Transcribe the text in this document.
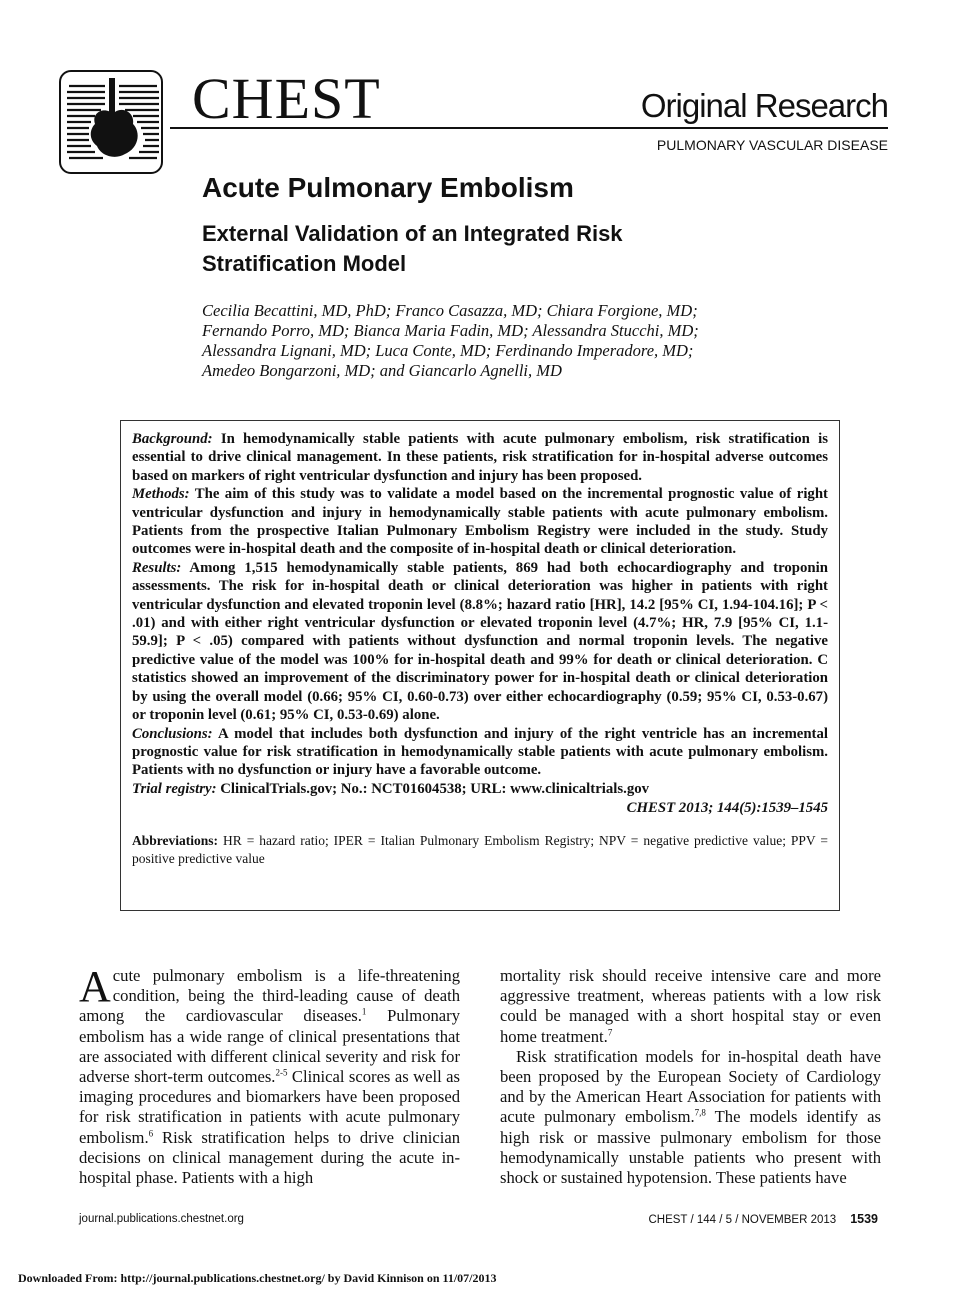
CHEST	Original Research
PULMONARY VASCULAR DISEASE
Acute Pulmonary Embolism
External Validation of an Integrated Risk Stratification Model
Cecilia Becattini, MD, PhD; Franco Casazza, MD; Chiara Forgione, MD;
Fernando Porro, MD; Bianca Maria Fadin, MD; Alessandra Stucchi, MD;
Alessandra Lignani, MD; Luca Conte, MD; Ferdinando Imperadore, MD;
Amedeo Bongarzoni, MD; and Giancarlo Agnelli, MD
Background: In hemodynamically stable patients with acute pulmonary embolism, risk stratification is essential to drive clinical management. In these patients, risk stratification for in-hospital adverse outcomes based on markers of right ventricular dysfunction and injury has been proposed.
Methods: The aim of this study was to validate a model based on the incremental prognostic value of right ventricular dysfunction and injury in hemodynamically stable patients with acute pulmonary embolism. Patients from the prospective Italian Pulmonary Embolism Registry were included in the study. Study outcomes were in-hospital death and the composite of in-hospital death or clinical deterioration.
Results: Among 1,515 hemodynamically stable patients, 869 had both echocardiography and troponin assessments. The risk for in-hospital death or clinical deterioration was higher in patients with right ventricular dysfunction and elevated troponin level (8.8%; hazard ratio [HR], 14.2 [95% CI, 1.94-104.16]; P < .01) and with either right ventricular dysfunction or elevated troponin level (4.7%; HR, 7.9 [95% CI, 1.1-59.9]; P < .05) compared with patients without dysfunction and normal troponin levels. The negative predictive value of the model was 100% for in-hospital death and 99% for death or clinical deterioration. C statistics showed an improvement of the discriminatory power for in-hospital death or clinical deterioration by using the overall model (0.66; 95% CI, 0.60-0.73) over either echocardiography (0.59; 95% CI, 0.53-0.67) or troponin level (0.61; 95% CI, 0.53-0.69) alone.
Conclusions: A model that includes both dysfunction and injury of the right ventricle has an incremental prognostic value for risk stratification in hemodynamically stable patients with acute pulmonary embolism. Patients with no dysfunction or injury have a favorable outcome.
Trial registry: ClinicalTrials.gov; No.: NCT01604538; URL: www.clinicaltrials.gov
CHEST 2013; 144(5):1539–1545
Abbreviations: HR = hazard ratio; IPER = Italian Pulmonary Embolism Registry; NPV = negative predictive value; PPV = positive predictive value

Acute pulmonary embolism is a life-threatening condition, being the third-leading cause of death among the cardiovascular diseases.$^1$ Pulmonary embolism has a wide range of clinical presentations that are associated with different clinical severity and risk for adverse short-term outcomes.$^{2-5}$ Clinical scores as well as imaging procedures and biomarkers have been proposed for risk stratification in patients with acute pulmonary embolism.$^6$ Risk stratification helps to drive clinician decisions on clinical management during the acute in-hospital phase. Patients with a high

mortality risk should receive intensive care and more aggressive treatment, whereas patients with a low risk could be managed with a short hospital stay or even home treatment.$^7$

Risk stratification models for in-hospital death have been proposed by the European Society of Cardiology and by the American Heart Association for patients with acute pulmonary embolism.$^{7,8}$ The models identify as high risk or massive pulmonary embolism for those hemodynamically unstable patients who present with shock or sustained hypotension. These patients have

journal.publications.chestnet.org	CHEST / 144 / 5 / NOVEMBER 2013 1539
Downloaded From: http://journal.publications.chestnet.org/ by David Kinnison on 11/07/2013
